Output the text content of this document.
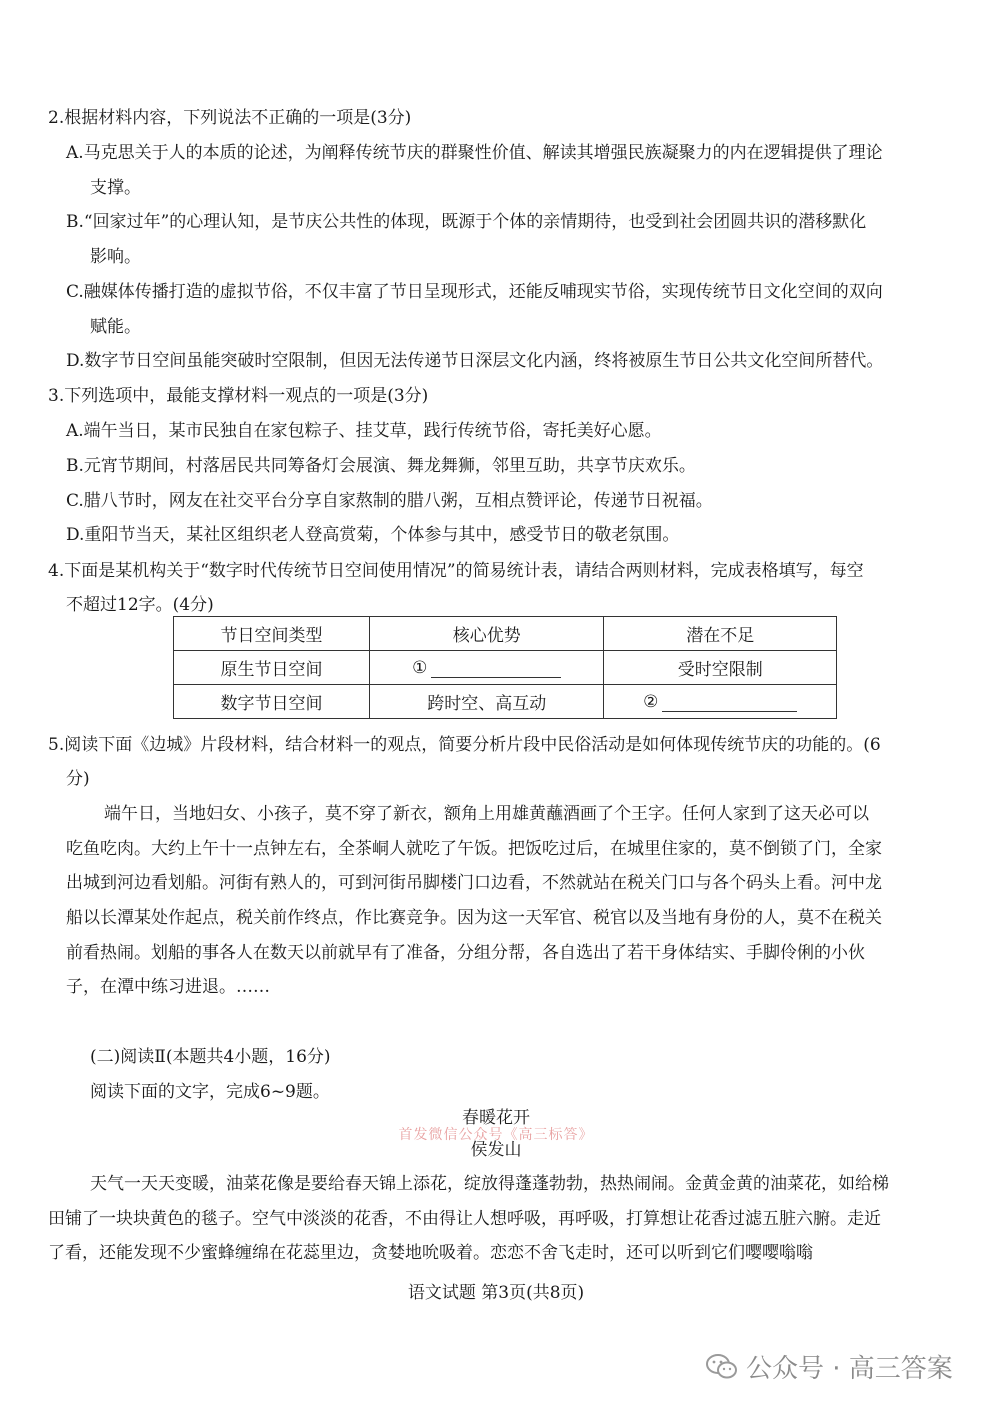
2.根据材料内容，下列说法不正确的一项是(3分)
A.马克思关于人的本质的论述，为阐释传统节庆的群聚性价值、解读其增强民族凝聚力的内在逻辑提供了理论
支撑。
B.“回家过年”的心理认知，是节庆公共性的体现，既源于个体的亲情期待，也受到社会团圆共识的潜移默化
影响。
C.融媒体传播打造的虚拟节俗，不仅丰富了节日呈现形式，还能反哺现实节俗，实现传统节日文化空间的双向
赋能。
D.数字节日空间虽能突破时空限制，但因无法传递节日深层文化内涵，终将被原生节日公共文化空间所替代。
3.下列选项中，最能支撑材料一观点的一项是(3分)
A.端午当日，某市民独自在家包粽子、挂艾草，践行传统节俗，寄托美好心愿。
B.元宵节期间，村落居民共同筹备灯会展演、舞龙舞狮，邻里互助，共享节庆欢乐。
C.腊八节时，网友在社交平台分享自家熬制的腊八粥，互相点赞评论，传递节日祝福。
D.重阳节当天，某社区组织老人登高赏菊，个体参与其中，感受节日的敬老氛围。
4.下面是某机构关于“数字时代传统节日空间使用情况”的简易统计表，请结合两则材料，完成表格填写，每空
不超过12字。(4分)
节日空间类型	核心优势	潜在不足
原生节日空间	①	受时空限制
数字节日空间	跨时空、高互动	②
5.阅读下面《边城》片段材料，结合材料一的观点，简要分析片段中民俗活动是如何体现传统节庆的功能的。(6
分)
端午日，当地妇女、小孩子，莫不穿了新衣，额角上用雄黄蘸酒画了个王字。任何人家到了这天必可以
吃鱼吃肉。大约上午十一点钟左右，全茶峒人就吃了午饭。把饭吃过后，在城里住家的，莫不倒锁了门，全家
出城到河边看划船。河街有熟人的，可到河街吊脚楼门口边看，不然就站在税关门口与各个码头上看。河中龙
船以长潭某处作起点，税关前作终点，作比赛竞争。因为这一天军官、税官以及当地有身份的人，莫不在税关
前看热闹。划船的事各人在数天以前就早有了准备，分组分帮，各自选出了若干身体结实、手脚伶俐的小伙
子，在潭中练习进退。……
(二)阅读Ⅱ(本题共4小题，16分)
阅读下面的文字，完成6~9题。
春暖花开
首发微信公众号《高三标答》
侯发山
天气一天天变暖，油菜花像是要给春天锦上添花，绽放得蓬蓬勃勃，热热闹闹。金黄金黄的油菜花，如给梯
田铺了一块块黄色的毯子。空气中淡淡的花香，不由得让人想呼吸，再呼吸，打算想让花香过滤五脏六腑。走近
了看，还能发现不少蜜蜂缠绵在花蕊里边，贪婪地吮吸着。恋恋不舍飞走时，还可以听到它们嘤嘤嗡嗡
语文试题 第3页(共8页)
公众号 · 高三答案
